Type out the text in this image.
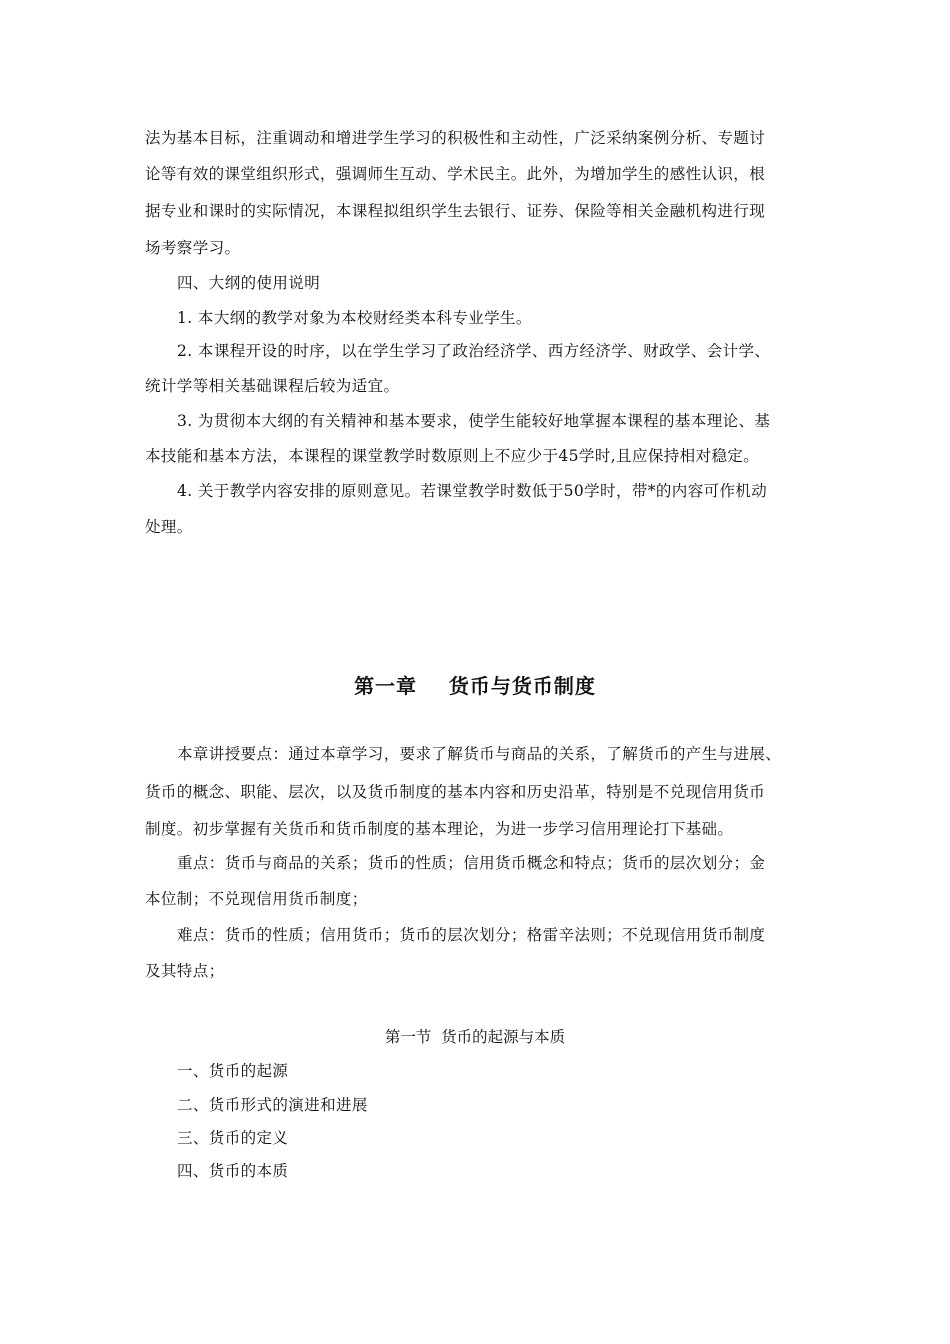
法为基本目标，注重调动和增进学生学习的积极性和主动性，广泛采纳案例分析、专题讨
论等有效的课堂组织形式，强调师生互动、学术民主。此外，为增加学生的感性认识，根
据专业和课时的实际情况，本课程拟组织学生去银行、证券、保险等相关金融机构进行现
场考察学习。
四、大纲的使用说明
1. 本大纲的教学对象为本校财经类本科专业学生。
2. 本课程开设的时序，以在学生学习了政治经济学、西方经济学、财政学、会计学、
统计学等相关基础课程后较为适宜。
3. 为贯彻本大纲的有关精神和基本要求，使学生能较好地掌握本课程的基本理论、基
本技能和基本方法，本课程的课堂教学时数原则上不应少于45学时,且应保持相对稳定。
4. 关于教学内容安排的原则意见。若课堂教学时数低于50学时，带*的内容可作机动
处理。
第一章    货币与货币制度
本章讲授要点：通过本章学习，要求了解货币与商品的关系，了解货币的产生与进展、
货币的概念、职能、层次，以及货币制度的基本内容和历史沿革，特别是不兑现信用货币
制度。初步掌握有关货币和货币制度的基本理论，为进一步学习信用理论打下基础。
重点：货币与商品的关系；货币的性质；信用货币概念和特点；货币的层次划分；金
本位制；不兑现信用货币制度；
难点：货币的性质；信用货币；货币的层次划分；格雷辛法则；不兑现信用货币制度
及其特点；
第一节  货币的起源与本质
一、货币的起源
二、货币形式的演进和进展
三、货币的定义
四、货币的本质
